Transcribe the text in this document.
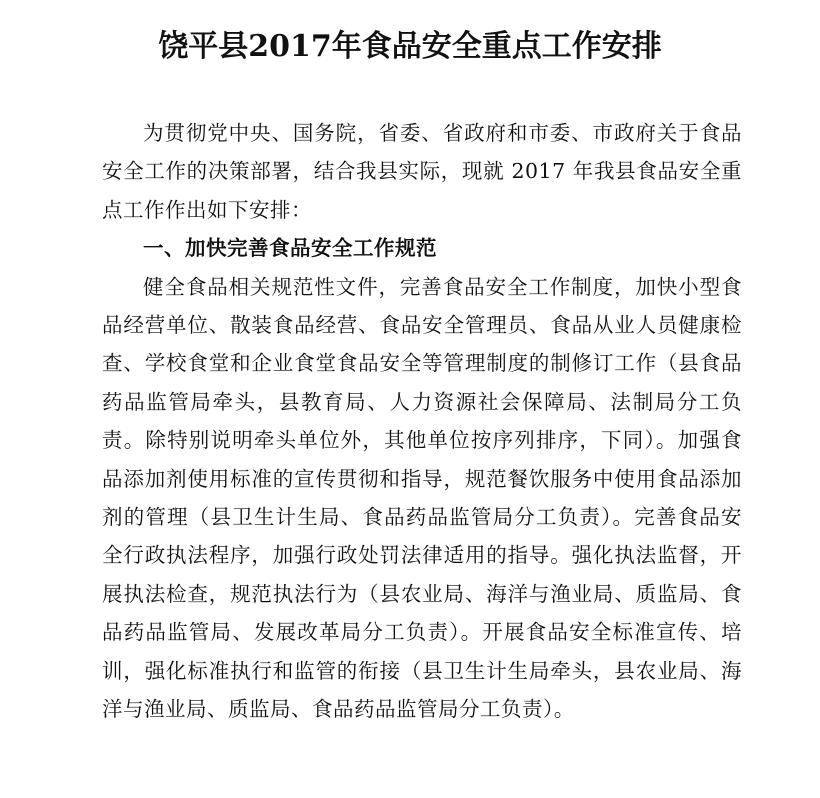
饶平县2017年食品安全重点工作安排

为贯彻党中央、国务院，省委、省政府和市委、市政府关于食品安全工作的决策部署，结合我县实际，现就 2017 年我县食品安全重点工作作出如下安排：

一、加快完善食品安全工作规范

健全食品相关规范性文件，完善食品安全工作制度，加快小型食品经营单位、散装食品经营、食品安全管理员、食品从业人员健康检查、学校食堂和企业食堂食品安全等管理制度的制修订工作（县食品药品监管局牵头，县教育局、人力资源社会保障局、法制局分工负责。除特别说明牵头单位外，其他单位按序列排序，下同）。加强食品添加剂使用标准的宣传贯彻和指导，规范餐饮服务中使用食品添加剂的管理（县卫生计生局、食品药品监管局分工负责）。完善食品安全行政执法程序，加强行政处罚法律适用的指导。强化执法监督，开展执法检查，规范执法行为（县农业局、海洋与渔业局、质监局、食品药品监管局、发展改革局分工负责）。开展食品安全标准宣传、培训，强化标准执行和监管的衔接（县卫生计生局牵头，县农业局、海洋与渔业局、质监局、食品药品监管局分工负责）。
